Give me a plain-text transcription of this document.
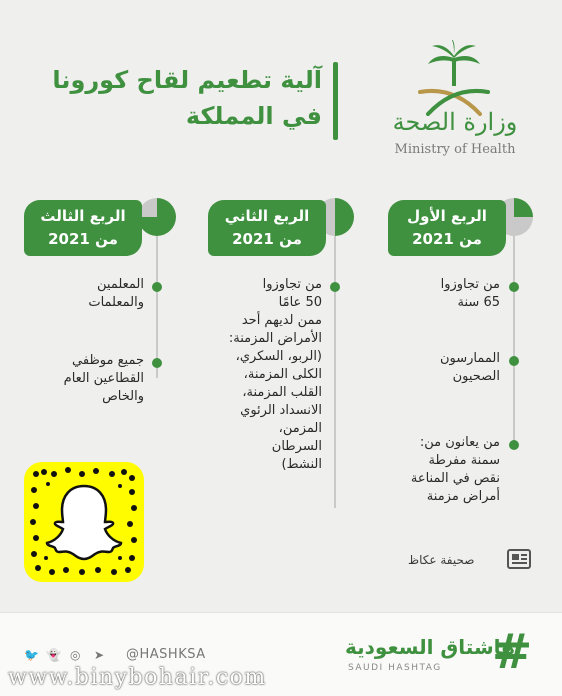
آلية تطعيم لقاح كورونا
في المملكة	وزارة الصحة
Ministry of Health
الربع الأول
من 2021
من تجاوزوا
65 سنة
الممارسون
الصحيون
من يعانون من:
سمنة مفرطة
نقص في المناعة
أمراض مزمنة
الربع الثاني
من 2021
من تجاوزوا
50 عامًا
ممن لديهم أحد
الأمراض المزمنة:
(الربو، السكري،
الكلى المزمنة،
القلب المزمنة،
الانسداد الرئوي
المزمن،
السرطان
النشط)
الربع الثالث
من 2021
المعلمين
والمعلمات
جميع موظفي
القطاعين العام
والخاص
صحيفة عكاظ
🐦 👻 ◎ ➤ @HASHKSA	هاشتاق السعودية
SAUDI HASHTAG #
www.binybohair.com
